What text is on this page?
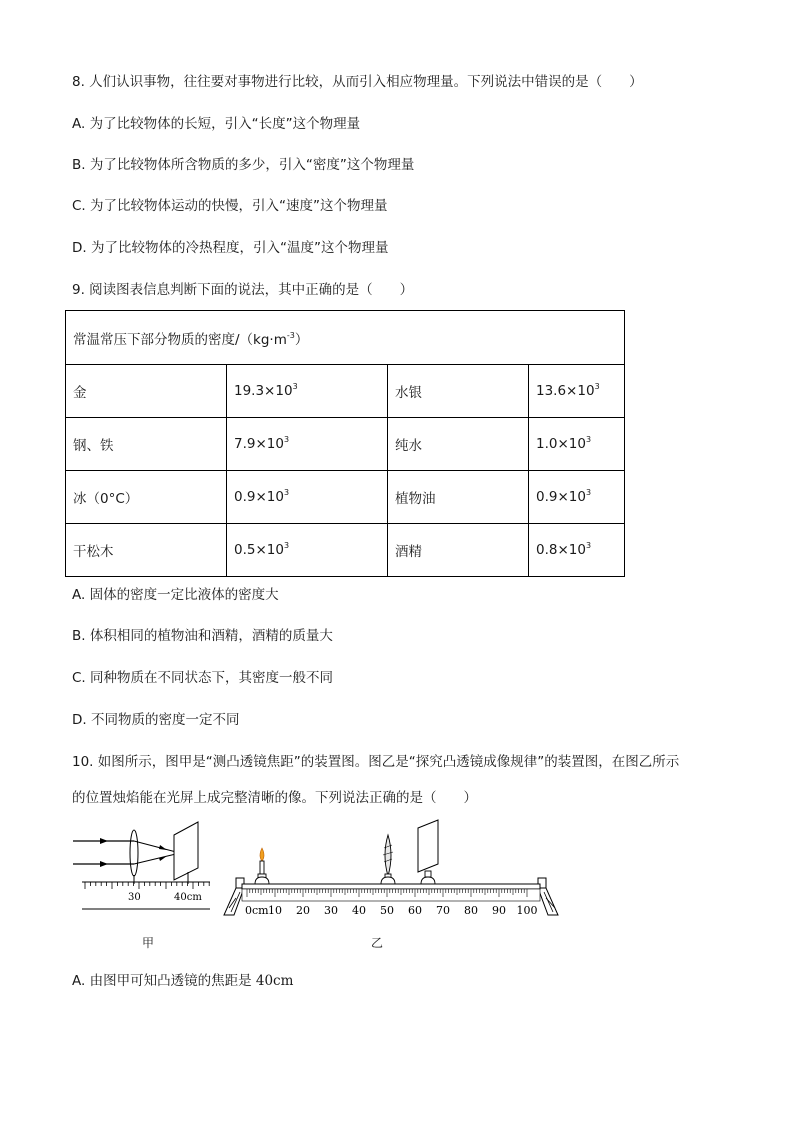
8. 人们认识事物，往往要对事物进行比较，从而引入相应物理量。下列说法中错误的是（　　）
A. 为了比较物体的长短，引入“长度”这个物理量
B. 为了比较物体所含物质的多少，引入“密度”这个物理量
C. 为了比较物体运动的快慢，引入“速度”这个物理量
D. 为了比较物体的冷热程度，引入“温度”这个物理量
9. 阅读图表信息判断下面的说法，其中正确的是（　　）
常温常压下部分物质的密度$/(kg\cdot m^{-3})$			
金	$19.3\times 10^3$	水银	$13.6\times 10^3$
钢、铁	$7.9\times 10^3$	纯水	$1.0\times 10^3$
冰（0°C）	$0.9\times 10^3$	植物油	$0.9\times 10^3$
干松木	$0.5\times 10^3$	酒精	$0.8\times 10^3$
A. 固体的密度一定比液体的密度大
B. 体积相同的植物油和酒精，酒精的质量大
C. 同种物质在不同状态下，其密度一般不同
D. 不同物质的密度一定不同
10. 如图所示，图甲是“测凸透镜焦距”的装置图。图乙是“探究凸透镜成像规律”的装置图，在图乙所示
的位置烛焰能在光屏上成完整清晰的像。下列说法正确的是（　　）
30	40cm
甲
0cm 10 20 30 40 50 60 70 80 90 100
乙
A. 由图甲可知凸透镜的焦距是 40cm
